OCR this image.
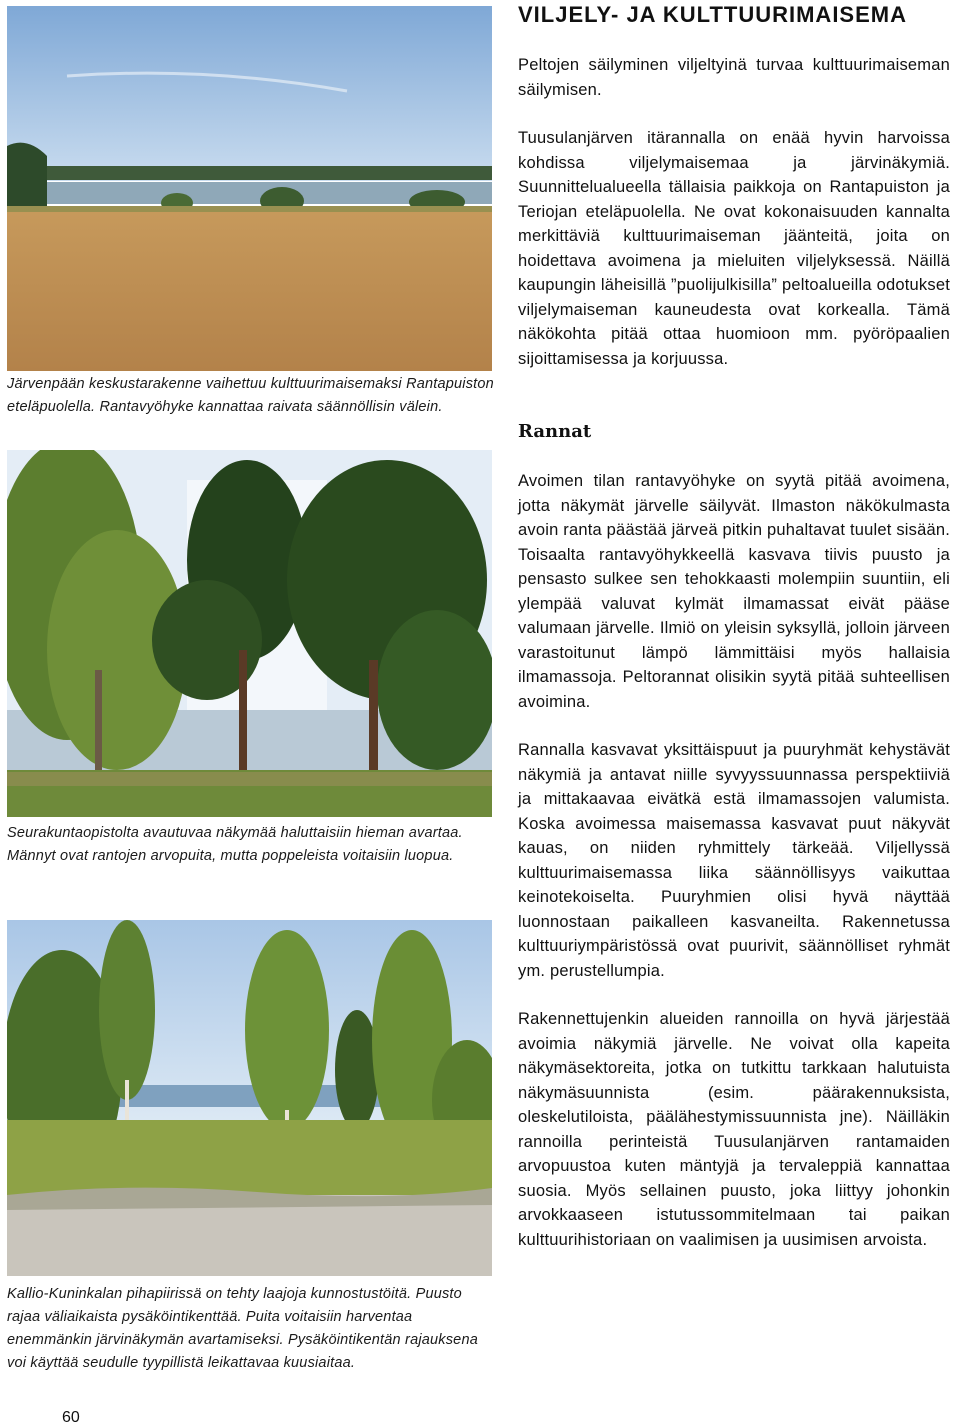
Järvenpään keskustarakenne vaihettuu kulttuurimaisemaksi Rantapuiston eteläpuolella. Rantavyöhyke kannattaa raivata säännöllisin välein.
Seurakuntaopistolta avautuvaa näkymää haluttaisiin hieman avartaa. Männyt ovat rantojen arvopuita, mutta poppeleista voitaisiin luopua.
Kallio-Kuninkalan pihapiirissä on tehty laajoja kunnostustöitä. Puusto rajaa väliaikaista pysäköintikenttää. Puita voitaisiin harventaa enemmänkin järvinäkymän avartamiseksi. Pysäköintikentän rajauksena voi käyttää seudulle tyypillistä leikattavaa kuusiaitaa.
VILJELY- JA KULTTUURIMAISEMA

Peltojen säilyminen viljeltyinä turvaa kulttuurimaiseman säilymisen.

Tuusulanjärven itärannalla on enää hyvin harvoissa kohdissa viljelymaisemaa ja järvinäkymiä. Suunnittelualueella tällaisia paikkoja on Rantapuiston ja Teriojan eteläpuolella. Ne ovat kokonaisuuden kannalta merkittäviä kulttuurimaiseman jäänteitä, joita on hoidettava avoimena ja mieluiten viljelyksessä. Näillä kaupungin läheisillä ”puolijulkisilla” peltoalueilla odotukset viljelymaiseman kauneudesta ovat korkealla. Tämä näkökohta pitää ottaa huomioon mm. pyöröpaalien sijoittamisessa ja korjuussa.

Rannat

Avoimen tilan rantavyöhyke on syytä pitää avoimena, jotta näkymät järvelle säilyvät. Ilmaston näkökulmasta avoin ranta päästää järveä pitkin puhaltavat tuulet sisään. Toisaalta rantavyöhykkeellä kasvava tiivis puusto ja pensasto sulkee sen tehokkaasti molempiin suuntiin, eli ylempää valuvat kylmät ilmamassat eivät pääse valumaan järvelle. Ilmiö on yleisin syksyllä, jolloin järveen varastoitunut lämpö lämmittäisi myös hallaisia ilmamassoja. Peltorannat olisikin syytä pitää suhteellisen avoimina.

Rannalla kasvavat yksittäispuut ja puuryhmät kehystävät näkymiä ja antavat niille syvyyssuunnassa perspektiiviä ja mittakaavaa eivätkä estä ilmamassojen valumista. Koska avoimessa maisemassa kasvavat puut näkyvät kauas, on niiden ryhmittely tärkeää. Viljellyssä kulttuurimaisemassa liika säännöllisyys vaikuttaa keinotekoiselta. Puuryhmien olisi hyvä näyttää luonnostaan paikalleen kasvaneilta. Rakennetussa kulttuuriympäristössä ovat puurivit, säännölliset ryhmät ym. perustellumpia.

Rakennettujenkin alueiden rannoilla on hyvä järjestää avoimia näkymiä järvelle. Ne voivat olla kapeita näkymäsektoreita, jotka on tutkittu tarkkaan halutuista näkymäsuunnista (esim. päärakennuksista, oleskelutiloista, päälähestymissuunnista jne). Näilläkin rannoilla perinteistä Tuusulanjärven rantamaiden arvopuustoa kuten mäntyjä ja tervaleppiä kannattaa suosia. Myös sellainen puusto, joka liittyy johonkin arvokkaaseen istutussommitelmaan tai paikan kulttuurihistoriaan on vaalimisen ja uusimisen arvoista.

60
